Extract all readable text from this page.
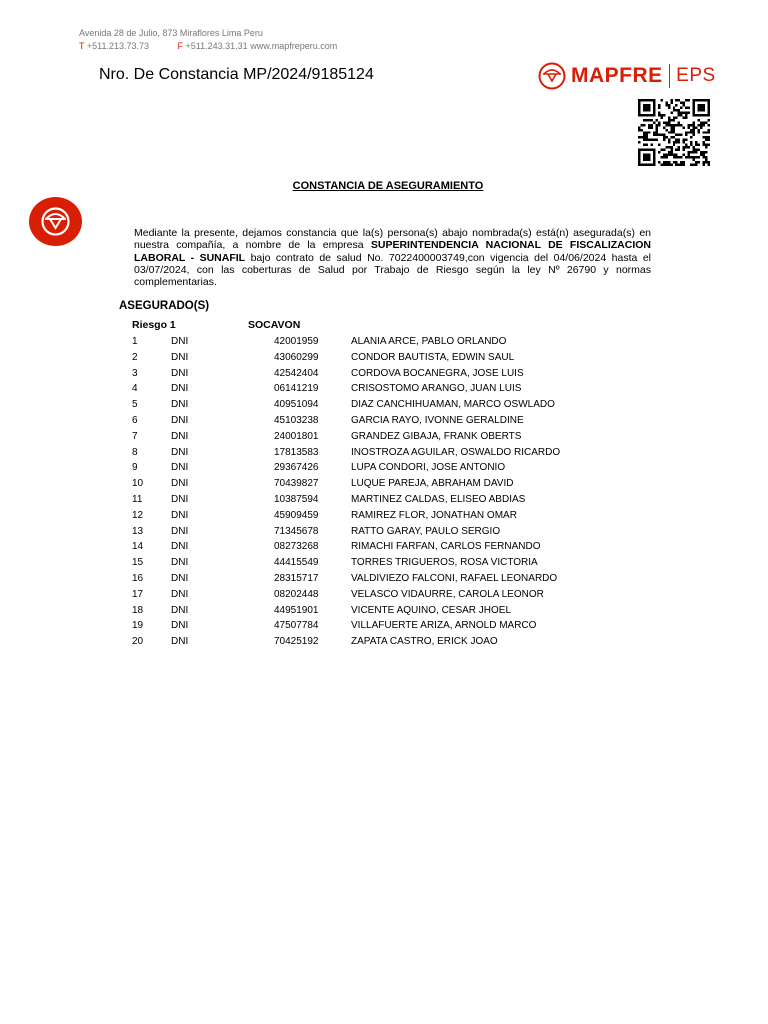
Avenida 28 de Julio, 873 Miraflores Lima Peru
T +511.213.73.73	F +511.243.31.31 www.mapfreperu.com
Nro. De Constancia MP/2024/9185124	MAPFRE EPS
CONSTANCIA DE ASEGURAMIENTO
Mediante la presente, dejamos constancia que la(s) persona(s) abajo nombrada(s) está(n) asegurada(s) en nuestra compañía, a nombre de la empresa SUPERINTENDENCIA NACIONAL DE FISCALIZACION LABORAL - SUNAFIL bajo contrato de salud No. 7022400003749,con vigencia del 04/06/2024 hasta el 03/07/2024, con las coberturas de Salud por Trabajo de Riesgo según la ley Nº 26790 y normas complementarias.
ASEGURADO(S)
Riesgo 1	SOCAVON
1	DNI	42001959	ALANIA ARCE, PABLO ORLANDO
2	DNI	43060299	CONDOR BAUTISTA, EDWIN SAUL
3	DNI	42542404	CORDOVA BOCANEGRA, JOSE LUIS
4	DNI	06141219	CRISOSTOMO ARANGO, JUAN LUIS
5	DNI	40951094	DIAZ CANCHIHUAMAN, MARCO OSWLADO
6	DNI	45103238	GARCIA RAYO, IVONNE GERALDINE
7	DNI	24001801	GRANDEZ GIBAJA, FRANK OBERTS
8	DNI	17813583	INOSTROZA AGUILAR, OSWALDO RICARDO
9	DNI	29367426	LUPA CONDORI, JOSE ANTONIO
10	DNI	70439827	LUQUE PAREJA, ABRAHAM DAVID
11	DNI	10387594	MARTINEZ CALDAS, ELISEO ABDIAS
12	DNI	45909459	RAMIREZ FLOR, JONATHAN OMAR
13	DNI	71345678	RATTO GARAY, PAULO SERGIO
14	DNI	08273268	RIMACHI FARFAN, CARLOS FERNANDO
15	DNI	44415549	TORRES TRIGUEROS, ROSA VICTORIA
16	DNI	28315717	VALDIVIEZO FALCONI, RAFAEL LEONARDO
17	DNI	08202448	VELASCO VIDAURRE, CAROLA LEONOR
18	DNI	44951901	VICENTE AQUINO, CESAR JHOEL
19	DNI	47507784	VILLAFUERTE ARIZA, ARNOLD MARCO
20	DNI	70425192	ZAPATA CASTRO, ERICK JOAO
